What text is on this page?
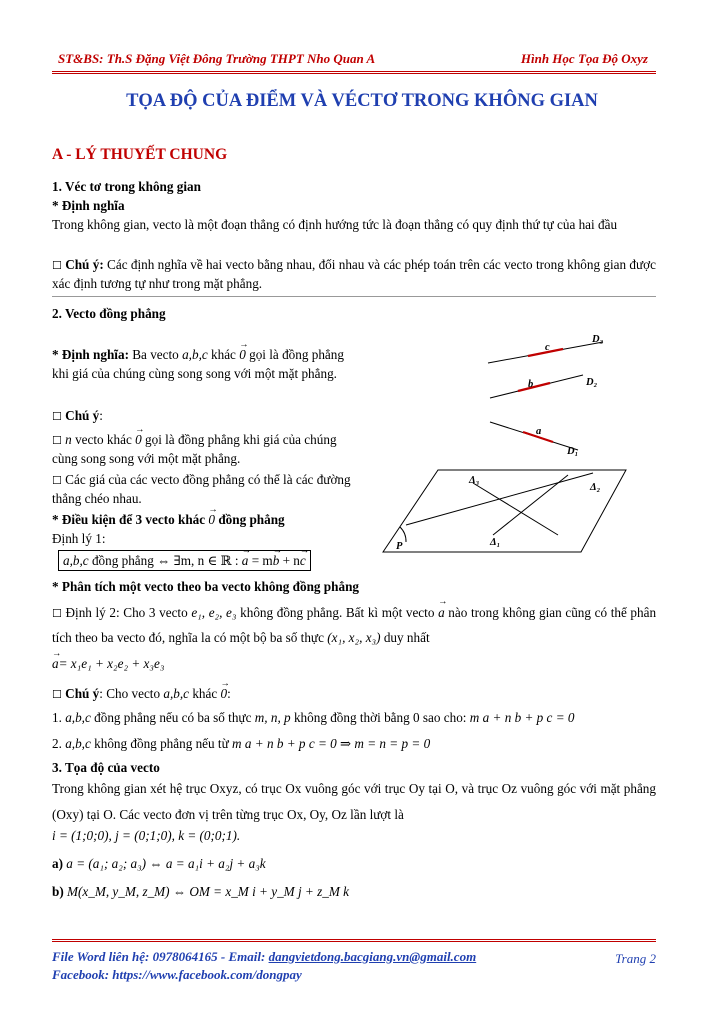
ST&BS: Th.S Đặng Việt Đông Trường THPT Nho Quan A	Hình Học Tọa Độ Oxyz
TỌA ĐỘ CỦA ĐIỂM VÀ VÉCTƠ TRONG KHÔNG GIAN
A - LÝ THUYẾT CHUNG
1. Véc tơ trong không gian
* Định nghĩa
Trong không gian, vecto là một đoạn thẳng có định hướng tức là đoạn thẳng có quy định thứ tự của hai đầu
☐ Chú ý: Các định nghĩa về hai vecto bằng nhau, đối nhau và các phép toán trên các vecto trong không gian được xác định tương tự như trong mặt phẳng.
2. Vecto đồng phẳng
* Định nghĩa: Ba vecto a,b,c khác → 0 gọi là đồng phẳng khi giá của chúng cùng song song với một mặt phẳng.
☐ Chú ý:
☐ n vecto khác → 0 gọi là đồng phẳng khi giá của chúng cùng song song với một mặt phẳng.
☐ Các giá của các vecto đồng phẳng có thể là các đường thẳng chéo nhau.
* Điều kiện để 3 vecto khác → 0 đồng phẳng
Định lý 1:
a,b,c đồng phẳng ⇔ ∃m, n ∈ ℝ : → a = m→ b + n→ c
* Phân tích một vecto theo ba vecto không đồng phẳng
☐ Định lý 2: Cho 3 vecto e₁, e₂, e₃ không đồng phẳng. Bất kì một vecto → a nào trong không gian cũng có thể phân tích theo ba vecto đó, nghĩa la có một bộ ba số thực (x₁, x₂, x₃) duy nhất
→ a= x₁e₁ + x₂e₂ + x₃e₃
☐ Chú ý: Cho vecto a,b,c khác → 0:
1. a,b,c đồng phẳng nếu có ba số thực m, n, p không đồng thời bằng 0 sao cho: m a + n b + p c = 0
2. a,b,c không đồng phẳng nếu từ m a + n b + p c = 0 ⇒ m = n = p = 0
D₃
D₂
D₁
c
b
a
Δ₃
Δ₂
Δ₁
P
3. Tọa độ của vecto
Trong không gian xét hệ trục Oxyz, có trục Ox vuông góc với trục Oy tại O, và trục Oz vuông góc với mặt phẳng (Oxy) tại O. Các vecto đơn vị trên từng trục Ox, Oy, Oz lần lượt là
i = (1;0;0), j = (0;1;0), k = (0;0;1).
a) a = (a₁; a₂; a₃) ⇔ a = a₁i + a₂j + a₃k
b) M(x_M, y_M, z_M) ⇔ OM = x_M i + y_M j + z_M k
File Word liên hệ: 0978064165 - Email: dangvietdong.bacgiang.vn@gmail.com
Facebook: https://www.facebook.com/dongpay
Trang 2
